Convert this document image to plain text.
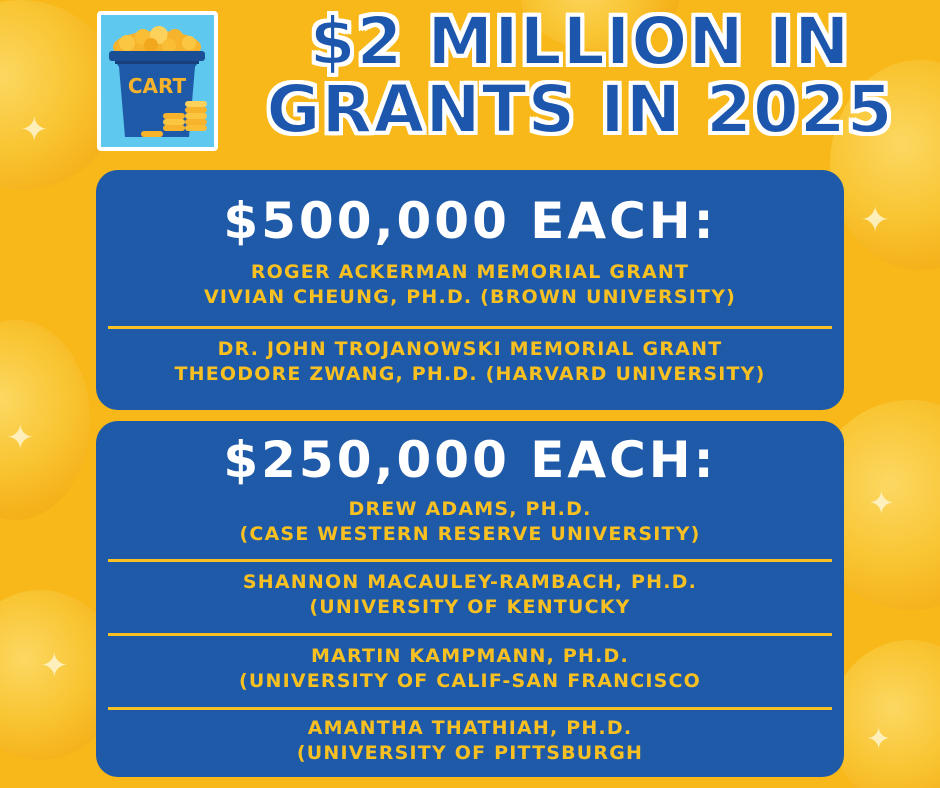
✦
✦
✦
✦
✦
✦
CART
$2 MILLION IN
GRANTS IN 2025
$500,000 EACH:
ROGER ACKERMAN MEMORIAL GRANT
VIVIAN CHEUNG, PH.D. (BROWN UNIVERSITY)
DR. JOHN TROJANOWSKI MEMORIAL GRANT
THEODORE ZWANG, PH.D. (HARVARD UNIVERSITY)
$250,000 EACH:
DREW ADAMS, PH.D.
(CASE WESTERN RESERVE UNIVERSITY)
SHANNON MACAULEY-RAMBACH, PH.D.
(UNIVERSITY OF KENTUCKY
MARTIN KAMPMANN, PH.D.
(UNIVERSITY OF CALIF-SAN FRANCISCO
AMANTHA THATHIAH, PH.D.
(UNIVERSITY OF PITTSBURGH
